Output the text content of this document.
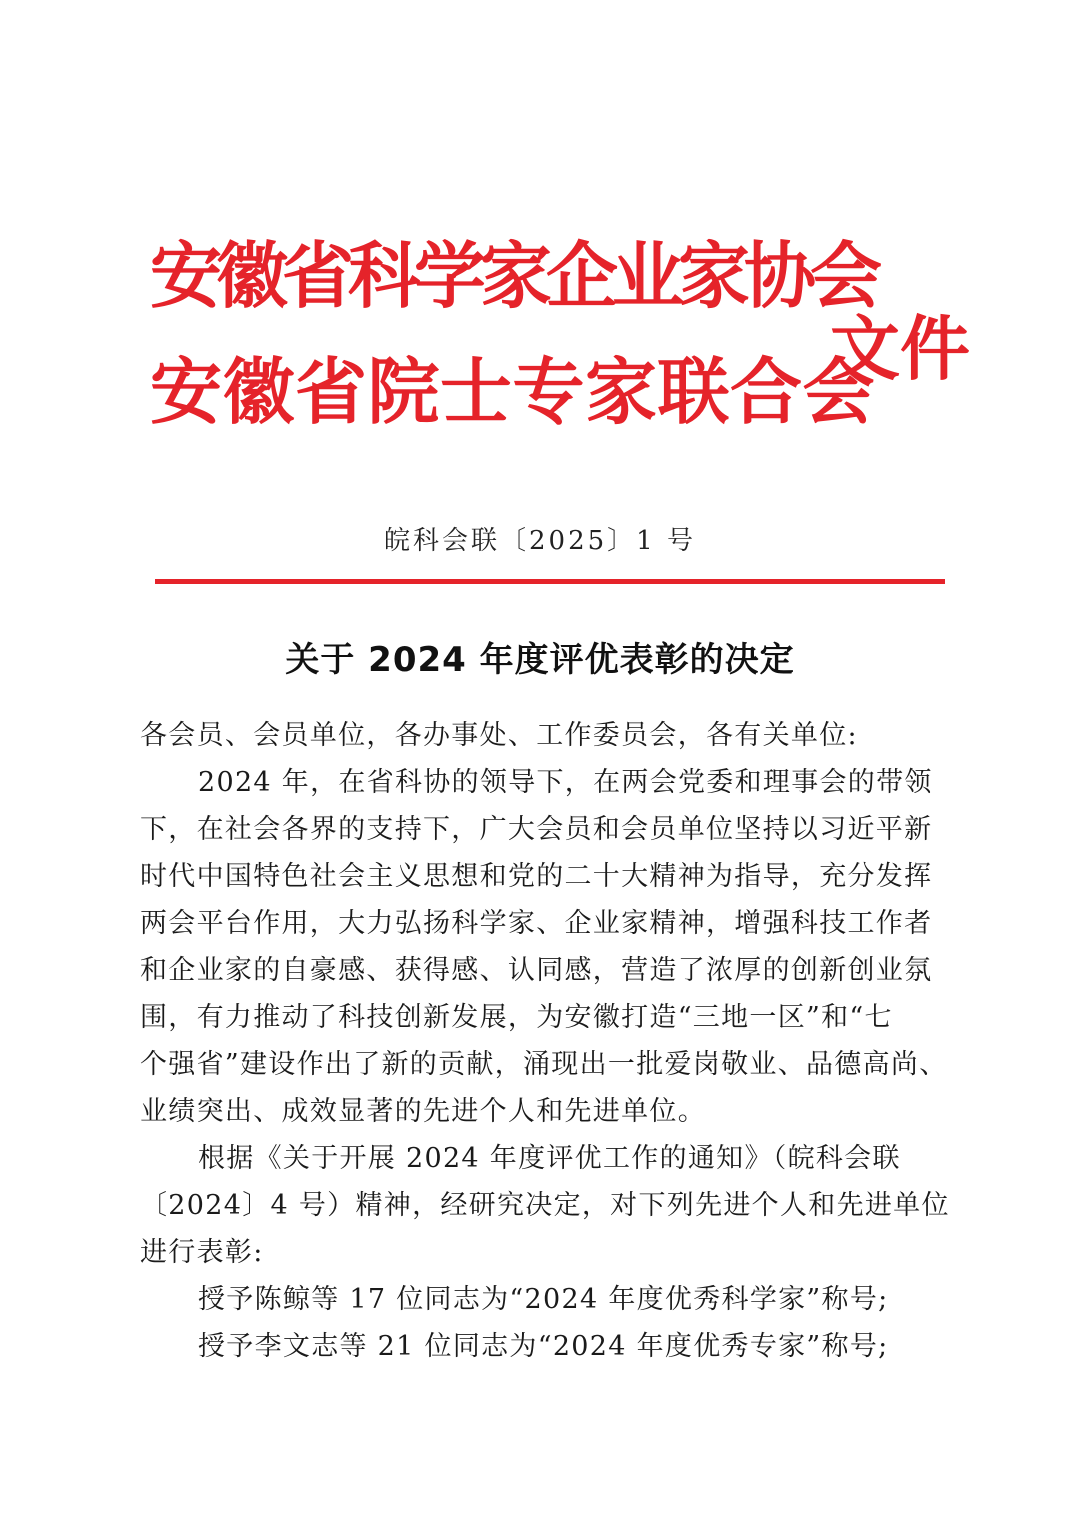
安徽省科学家企业家协会
安徽省院士专家联合会
文件
皖科会联〔2025〕1 号
关于 2024 年度评优表彰的决定

各会员、会员单位，各办事处、工作委员会，各有关单位:

2024 年，在省科协的领导下，在两会党委和理事会的带领

下，在社会各界的支持下，广大会员和会员单位坚持以习近平新

时代中国特色社会主义思想和党的二十大精神为指导，充分发挥

两会平台作用，大力弘扬科学家、企业家精神，增强科技工作者

和企业家的自豪感、获得感、认同感，营造了浓厚的创新创业氛

围，有力推动了科技创新发展，为安徽打造“三地一区”和“七

个强省”建设作出了新的贡献，涌现出一批爱岗敬业、品德高尚、

业绩突出、成效显著的先进个人和先进单位。

根据《关于开展 2024 年度评优工作的通知》（皖科会联

〔2024〕4 号）精神，经研究决定，对下列先进个人和先进单位

进行表彰:

授予陈鲸等 17 位同志为“2024 年度优秀科学家”称号;

授予李文志等 21 位同志为“2024 年度优秀专家”称号;
